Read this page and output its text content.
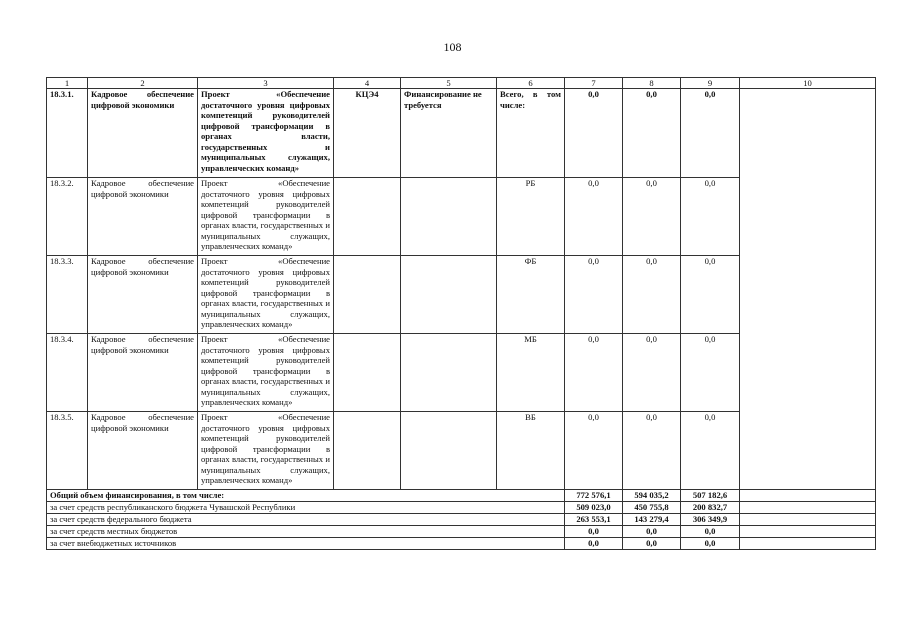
108
1	2	3	4	5	6	7	8	9	10
18.3.1.	Кадровое обеспечение цифровой экономики	Проект «Обеспечение достаточного уровня цифровых компетенций руководителей цифровой трансформации в органах власти, государственных и муниципальных служащих, управленческих команд»	КЦЭ4	Финансирование не требуется	Всего, в том числе:	0,0	0,0	0,0	
18.3.2.	Кадровое обеспечение цифровой экономики	Проект «Обеспечение достаточного уровня цифровых компетенций руководителей цифровой трансформации в органах власти, государственных и муниципальных служащих, управленческих команд»			РБ	0,0	0,0	0,0	
18.3.3.	Кадровое обеспечение цифровой экономики	Проект «Обеспечение достаточного уровня цифровых компетенций руководителей цифровой трансформации в органах власти, государственных и муниципальных служащих, управленческих команд»			ФБ	0,0	0,0	0,0	
18.3.4.	Кадровое обеспечение цифровой экономики	Проект «Обеспечение достаточного уровня цифровых компетенций руководителей цифровой трансформации в органах власти, государственных и муниципальных служащих, управленческих команд»			МБ	0,0	0,0	0,0	
18.3.5.	Кадровое обеспечение цифровой экономики	Проект «Обеспечение достаточного уровня цифровых компетенций руководителей цифровой трансформации в органах власти, государственных и муниципальных служащих, управленческих команд»			ВБ	0,0	0,0	0,0	
Общий объем финансирования, в том числе:						772 576,1	594 035,2	507 182,6	
за счет средств республиканского бюджета Чувашской Республики						509 023,0	450 755,8	200 832,7	
за счет средств федерального бюджета						263 553,1	143 279,4	306 349,9	
за счет средств местных бюджетов						0,0	0,0	0,0	
за счет внебюджетных источников						0,0	0,0	0,0	
